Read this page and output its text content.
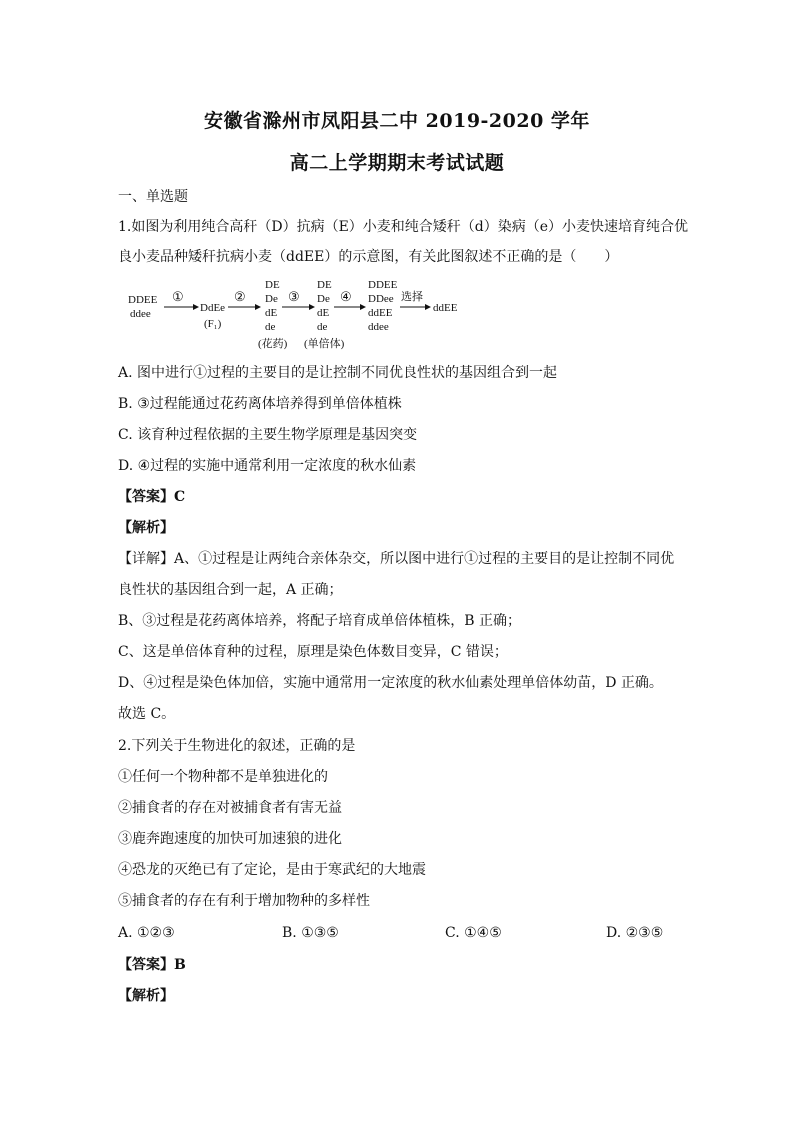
安徽省滁州市凤阳县二中 2019-2020 学年
高二上学期期末考试试题
一、单选题
1.如图为利用纯合高秆（D）抗病（E）小麦和纯合矮秆（d）染病（e）小麦快速培育纯合优
良小麦品种矮秆抗病小麦（ddEE）的示意图，有关此图叙述不正确的是（　　）
DDEE
ddee
①
DdEe
(F₁)
②
DE
De
dE
de
(花药)
③
DE
De
dE
de
(单倍体)
④
DDEE
DDee
ddEE
ddee
选择
ddEE
A. 图中进行①过程的主要目的是让控制不同优良性状的基因组合到一起
B. ③过程能通过花药离体培养得到单倍体植株
C. 该育种过程依据的主要生物学原理是基因突变
D. ④过程的实施中通常利用一定浓度的秋水仙素
【答案】C
【解析】
【详解】A、①过程是让两纯合亲体杂交，所以图中进行①过程的主要目的是让控制不同优
良性状的基因组合到一起，A 正确；
B、③过程是花药离体培养，将配子培育成单倍体植株，B 正确；
C、这是单倍体育种的过程，原理是染色体数目变异，C 错误；
D、④过程是染色体加倍，实施中通常用一定浓度的秋水仙素处理单倍体幼苗，D 正确。
故选 C。
2.下列关于生物进化的叙述，正确的是
①任何一个物种都不是单独进化的
②捕食者的存在对被捕食者有害无益
③鹿奔跑速度的加快可加速狼的进化
④恐龙的灭绝已有了定论，是由于寒武纪的大地震
⑤捕食者的存在有利于增加物种的多样性
A. ①②③	B. ①③⑤	C. ①④⑤	D. ②③⑤
【答案】B
【解析】
